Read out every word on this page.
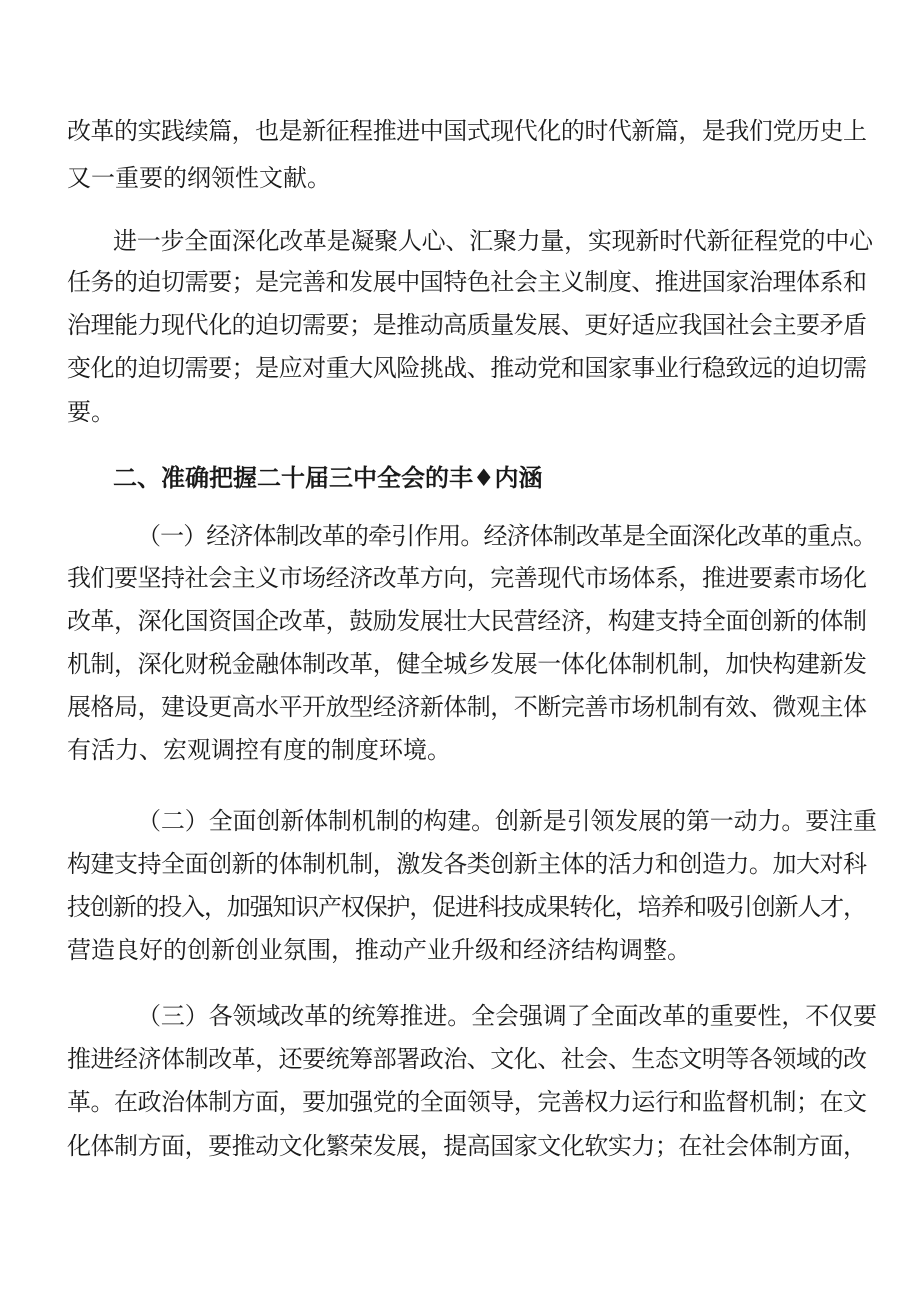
改革的实践续篇，也是新征程推进中国式现代化的时代新篇，是我们党历史上
又一重要的纲领性文献。
进一步全面深化改革是凝聚人心、汇聚力量，实现新时代新征程党的中心
任务的迫切需要；是完善和发展中国特色社会主义制度、推进国家治理体系和
治理能力现代化的迫切需要；是推动高质量发展、更好适应我国社会主要矛盾
变化的迫切需要；是应对重大风险挑战、推动党和国家事业行稳致远的迫切需
要。
二、准确把握二十届三中全会的丰♦内涵
（一）经济体制改革的牵引作用。经济体制改革是全面深化改革的重点。
我们要坚持社会主义市场经济改革方向，完善现代市场体系，推进要素市场化
改革，深化国资国企改革，鼓励发展壮大民营经济，构建支持全面创新的体制
机制，深化财税金融体制改革，健全城乡发展一体化体制机制，加快构建新发
展格局，建设更高水平开放型经济新体制，不断完善市场机制有效、微观主体
有活力、宏观调控有度的制度环境。
（二）全面创新体制机制的构建。创新是引领发展的第一动力。要注重
构建支持全面创新的体制机制，激发各类创新主体的活力和创造力。加大对科
技创新的投入，加强知识产权保护，促进科技成果转化，培养和吸引创新人才，
营造良好的创新创业氛围，推动产业升级和经济结构调整。
（三）各领域改革的统筹推进。全会强调了全面改革的重要性，不仅要
推进经济体制改革，还要统筹部署政治、文化、社会、生态文明等各领域的改
革。在政治体制方面，要加强党的全面领导，完善权力运行和监督机制；在文
化体制方面，要推动文化繁荣发展，提高国家文化软实力；在社会体制方面，
